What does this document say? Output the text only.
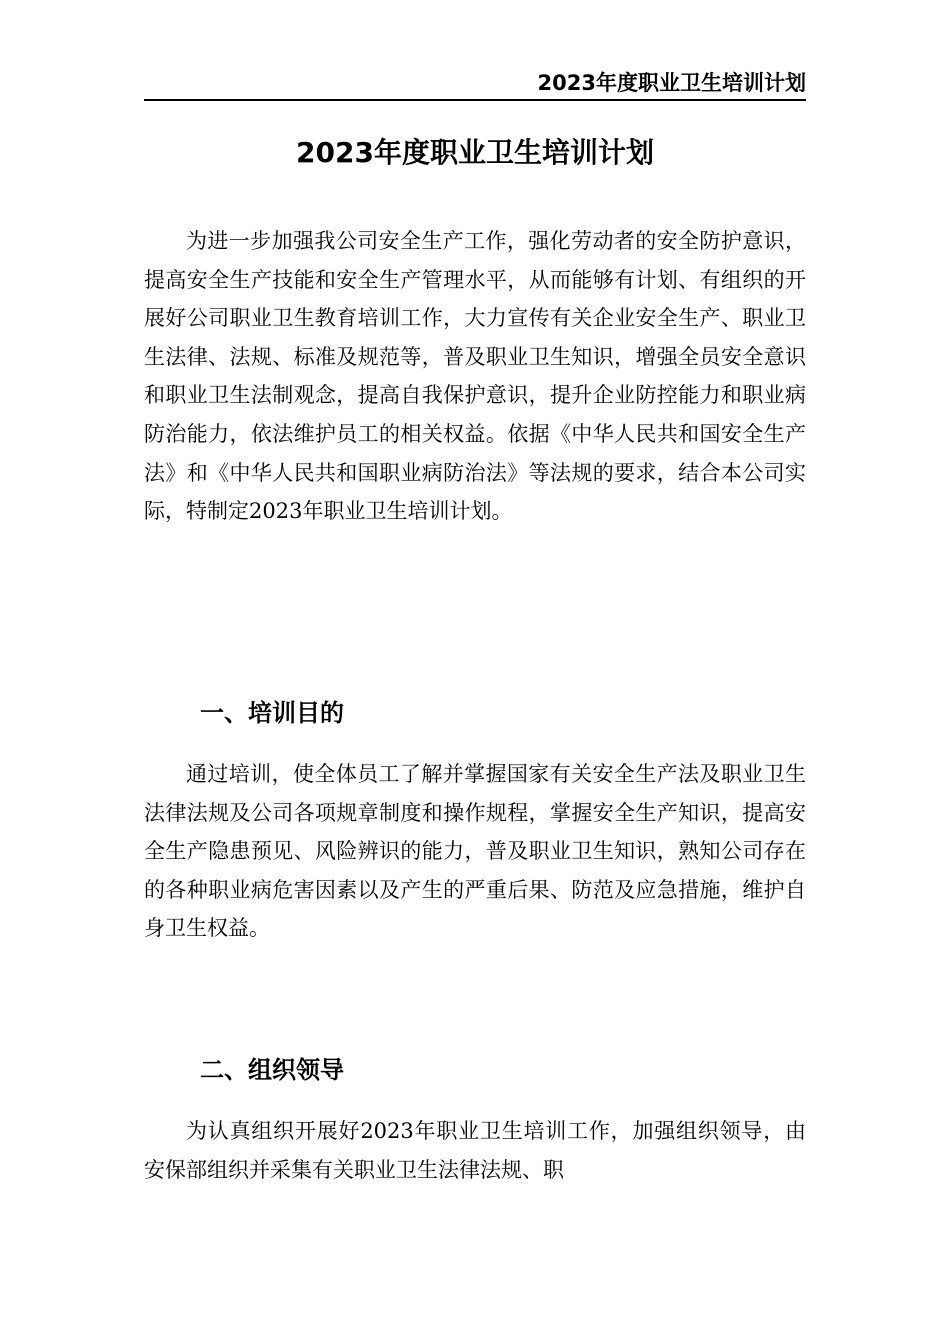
2023年度职业卫生培训计划
2023年度职业卫生培训计划

为进一步加强我公司安全生产工作，强化劳动者的安全防护意识，提高安全生产技能和安全生产管理水平，从而能够有计划、有组织的开展好公司职业卫生教育培训工作，大力宣传有关企业安全生产、职业卫生法律、法规、标准及规范等，普及职业卫生知识，增强全员安全意识和职业卫生法制观念，提高自我保护意识，提升企业防控能力和职业病防治能力，依法维护员工的相关权益。依据《中华人民共和国安全生产法》和《中华人民共和国职业病防治法》等法规的要求，结合本公司实际，特制定2023年职业卫生培训计划。

一、培训目的

通过培训，使全体员工了解并掌握国家有关安全生产法及职业卫生法律法规及公司各项规章制度和操作规程，掌握安全生产知识，提高安全生产隐患预见、风险辨识的能力，普及职业卫生知识，熟知公司存在的各种职业病危害因素以及产生的严重后果、防范及应急措施，维护自身卫生权益。

二、组织领导

为认真组织开展好2023年职业卫生培训工作，加强组织领导，由安保部组织并采集有关职业卫生法律法规、职
